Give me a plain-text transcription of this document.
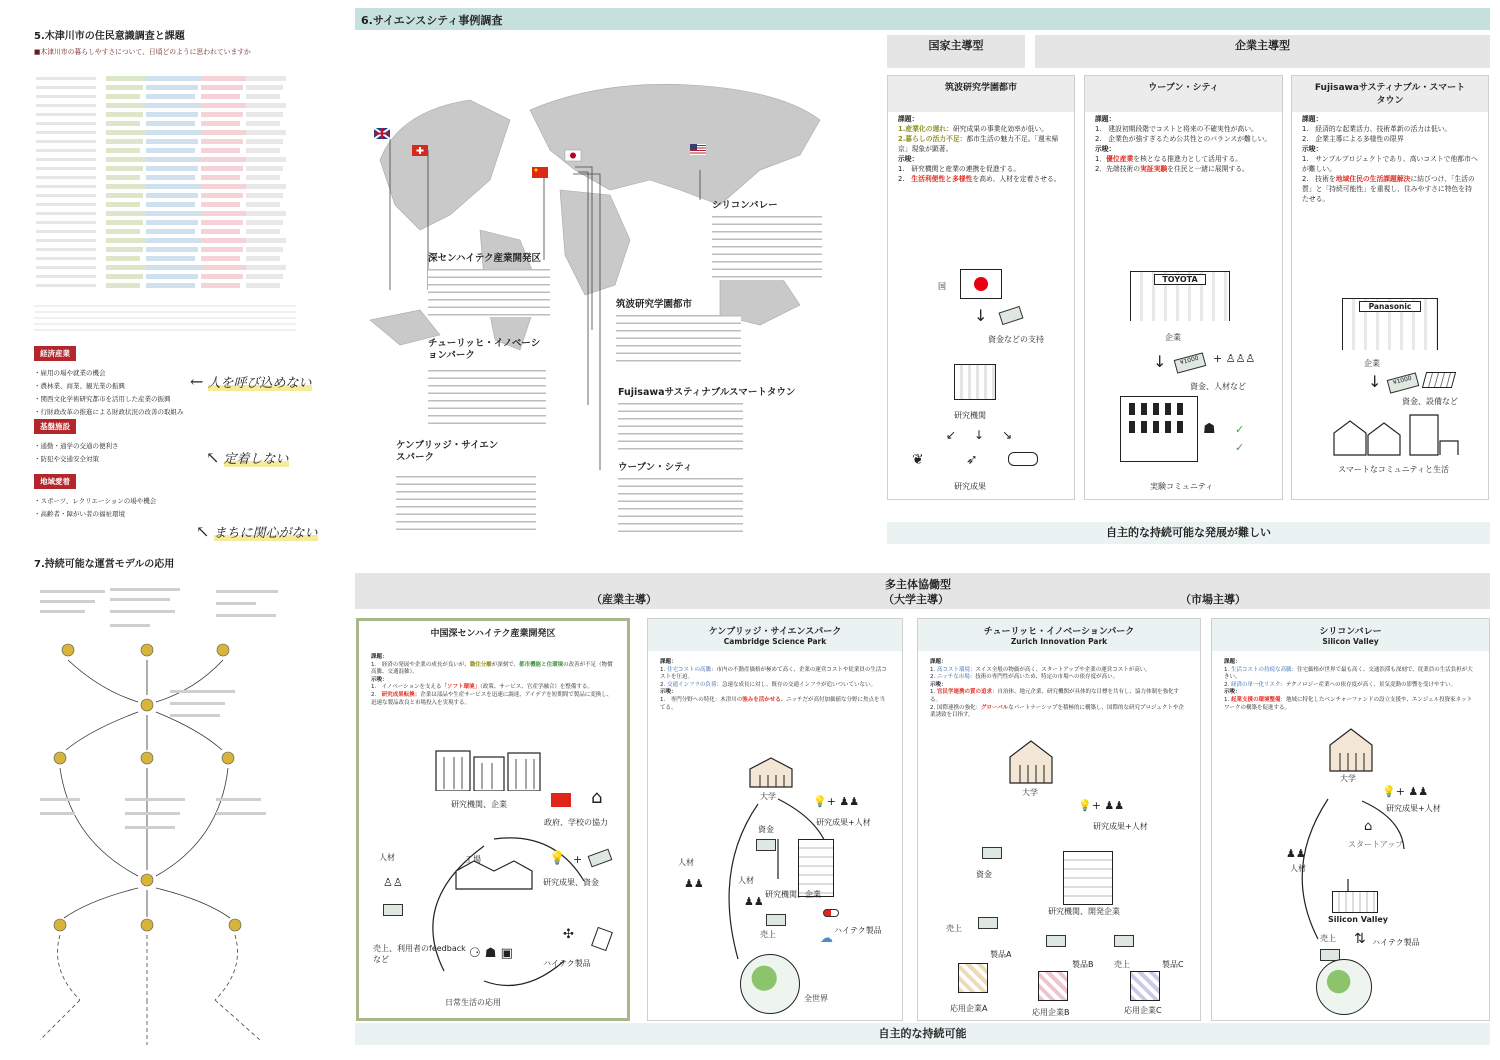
5.木津川市の住民意識調査と課題
■木津川市の暮らしやすさについて、日頃どのように思われていますか
経済産業
・雇用の場や就業の機会
・農林業、商業、観光業の振興
・関西文化学術研究都市を活用した産業の振興
・行財政改革の推進による財政状況の改善の取組み
基盤施設
・通勤・通学の交通の便利さ
・防犯や交通安全対策
地域愛着
・スポーツ、レクリエーションの場や機会
・高齢者・障がい者の福祉環境
← 人を呼び込めない
↖ 定着しない
↖ まちに関心がない
7.持続可能な運営モデルの応用
6.サイエンスシティ事例調査
シリコンバレー
深センハイテク産業開発区
筑波研究学園都市
チューリッヒ・イノベーションパーク
Fujisawaサスティナブルスマートタウン
ケンブリッジ・サイエンスパーク
ウーブン・シティ
国家主導型	企業主導型
筑波研究学園都市
課題：
1.産業化の遅れ：研究成果の事業化効率が低い。
2.暮らしの活力不足：都市生活の魅力不足。「週末帰京」現象が顕著。
示唆：
1.　研究機関と産業の連携を促進する。
2.　生活利便性と多様性を高め、人材を定着させる。
国
↓
資金などの支持
研究機関
↙↓↘
❦	➶
研究成果
ウーブン・シティ
課題：
1.　建設初期段階でコストと将来の不確実性が高い。
2.　企業色が強すぎるため公共性とのバランスが難しい。
示唆：
1．優位産業を核となる推進力として活用する。
2．先端技術の実証実験を住民と一緒に展開する。
TOYOTA
企業
↓	¥1000	+ ♙♙♙
資金、人材など
☗ ✓
✓
実験コミュニティ
Fujisawaサスティナブル・スマートタウン
課題：
1.　経済的な起業活力、技術革新の活力は低い。
2.　企業主導による多様性の限界
示唆：
1.　サンプルプロジェクトであり、高いコストで他都市へが難しい。
2.　技術を地域住民の生活課題解決に結びつけ、「生活の質」と「持続可能性」を重視し、住みやすさに特色を持たせる。
Panasonic
企業
↓	¥1000
資金、設備など
スマートなコミュニティと生活
自主的な持続可能な発展が難しい
多主体協働型
（産業主導）	（大学主導）	（市場主導）
中国深センハイテク産業開発区
課題：
1.　経済の発展や企業の成長が良いが、職住分離が深刻で、都市機能と住環境の改善が不足（物價高騰、交通混雑）。
示唆：
1.　イノベーションを支える「ソフト環境」（政策、サービス、官産学融合）を整備する。
2.　研究成果転換：企業は部品や生産サービスを迅速に調達、アイデアを短期間で製品に変換し、迅速な製品改良と市場投入を実現する。
研究機関、企業	⌂
政府、学校の協力
工場
人材
♙♙
💡 +
研究成果、資金
✣
ハイテク製品
売上、利用者のfeedback など	⚆ ☗ ▣
日常生活の応用
ケンブリッジ・サイエンスパーク
Cambridge Science Park
課題：
1. 住宅コストの高騰：市内の不動産価格が極めて高く、企業の運営コストや従業員の生活コストを圧迫。
2. 交通インフラの負荷：急速な成長に対し、既存の交通インフラが追いついていない。
示唆：
1.　専門分野への特化：木津川の強みを活かせる、ニッチだが高付加価値な分野に焦点を当てる。
大学	💡+ ♟♟
研究成果+人材
資金
人材
♟♟	人材
♟♟
研究機関、企業
売上	ハイテク製品
☁
全世界
チューリッヒ・イノベーションパーク
Zurich Innovation Park
課題：
1. 高コスト環境：スイス全般の物価が高く、スタートアップや企業の運営コストが高い。
2. ニッチな市場：技術の専門性が高いため、特定の市場への依存度が高い。
示唆：
1. 官民学連携の質の追求：自治体、地元企業、研究機関が具体的な目標を共有し、協力体制を強化する。
2. 国際連携の強化：グローバルなパートナーシップを積極的に構築し、国際的な研究プロジェクトや企業誘致を目指す。
大学
💡+ ♟♟
研究成果+人材
資金
研究機関、開発企業
売上
製品A
製品B	製品C
売上
応用企業A	応用企業B	応用企業C
シリコンバレー
Silicon Valley
課題：
1. 生活コストの持続な高騰：住宅価格が世界で最も高く、交通渋滞も深刻で、従業員の生活負担が大きい。
2. 経済の単一化リスク：テクノロジー産業への依存度が高く、景気変動の影響を受けやすい。
示唆：
1. 起業支援の環境整備：地域に特化したベンチャーファンドの設立支援や、エンジェル投資家ネットワークの構築を促進する。
大学
💡+ ♟♟
研究成果+人材
⌂
スタートアップ
人材
♟♟
Silicon Valley
売上 ⇅ ハイテク製品
自主的な持続可能
